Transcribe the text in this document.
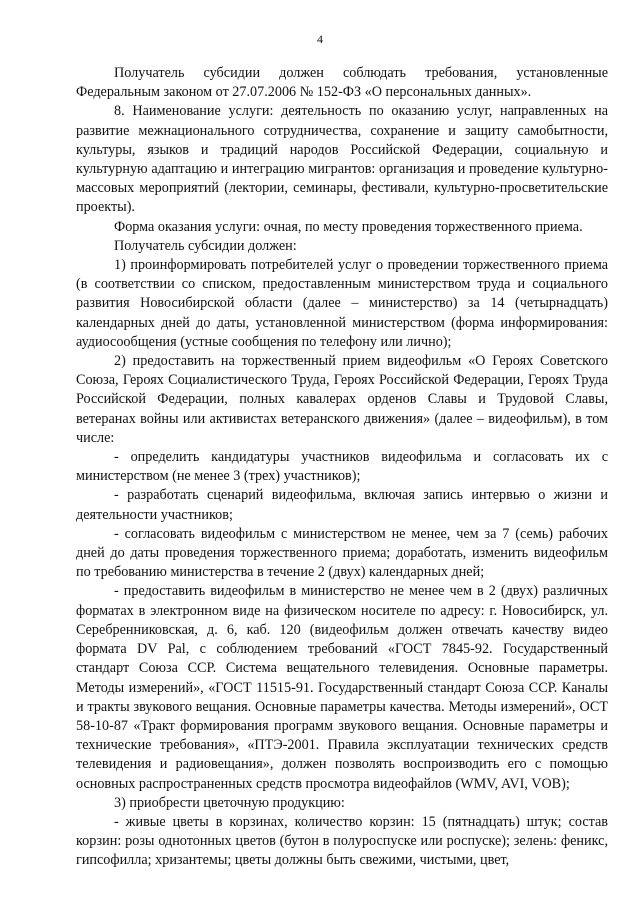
4

Получатель субсидии должен соблюдать требования, установленные Федеральным законом от 27.07.2006 № 152-ФЗ «О персональных данных».

8. Наименование услуги: деятельность по оказанию услуг, направленных на развитие межнационального сотрудничества, сохранение и защиту самобытности, культуры, языков и традиций народов Российской Федерации, социальную и культурную адаптацию и интеграцию мигрантов: организация и проведение культурно-массовых мероприятий (лектории, семинары, фестивали, культурно-просветительские проекты).

Форма оказания услуги: очная, по месту проведения торжественного приема.

Получатель субсидии должен:

1) проинформировать потребителей услуг о проведении торжественного приема (в соответствии со списком, предоставленным министерством труда и социального развития Новосибирской области (далее – министерство) за 14 (четырнадцать) календарных дней до даты, установленной министерством (форма информирования: аудиосообщения (устные сообщения по телефону или лично);

2) предоставить на торжественный прием видеофильм «О Героях Советского Союза, Героях Социалистического Труда, Героях Российской Федерации, Героях Труда Российской Федерации, полных кавалерах орденов Славы и Трудовой Славы, ветеранах войны или активистах ветеранского движения» (далее – видеофильм), в том числе:

- определить кандидатуры участников видеофильма и согласовать их с министерством (не менее 3 (трех) участников);

- разработать сценарий видеофильма, включая запись интервью о жизни и деятельности участников;

- согласовать видеофильм с министерством не менее, чем за 7 (семь) рабочих дней до даты проведения торжественного приема; доработать, изменить видеофильм по требованию министерства в течение 2 (двух) календарных дней;

- предоставить видеофильм в министерство не менее чем в 2 (двух) различных форматах в электронном виде на физическом носителе по адресу: г. Новосибирск, ул. Серебренниковская, д. 6, каб. 120 (видеофильм должен отвечать качеству видео формата DV Pal, с соблюдением требований «ГОСТ 7845-92. Государственный стандарт Союза ССР. Система вещательного телевидения. Основные параметры. Методы измерений», «ГОСТ 11515-91. Государственный стандарт Союза ССР. Каналы и тракты звукового вещания. Основные параметры качества. Методы измерений», ОСТ 58-10-87 «Тракт формирования программ звукового вещания. Основные параметры и технические требования», «ПТЭ-2001. Правила эксплуатации технических средств телевидения и радиовещания», должен позволять воспроизводить его с помощью основных распространенных средств просмотра видеофайлов (WMV, AVI, VOB);

3) приобрести цветочную продукцию:

- живые цветы в корзинах, количество корзин: 15 (пятнадцать) штук; состав корзин: розы однотонных цветов (бутон в полуроспуске или роспуске); зелень: феникс, гипсофилла; хризантемы; цветы должны быть свежими, чистыми, цвет,
